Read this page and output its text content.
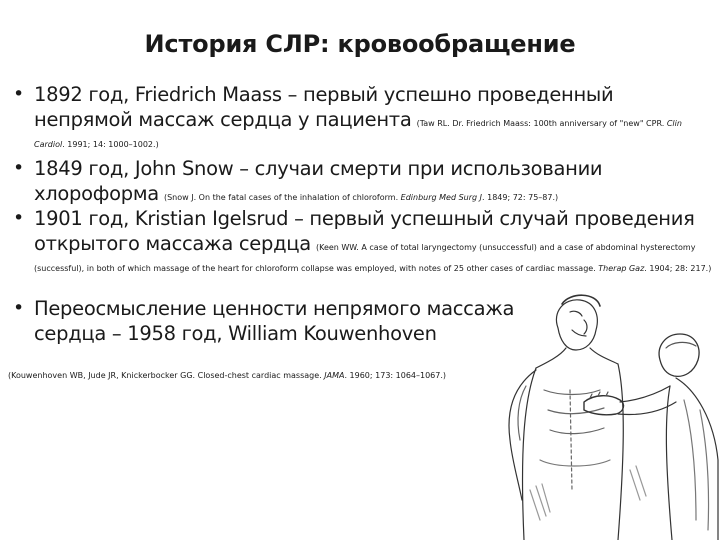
История СЛР: кровообращение
• 1892 год, Friedrich Maass – первый успешно проведенный непрямой массаж сердца у пациента (Taw RL. Dr. Friedrich Maass: 100th anniversary of "new" CPR. Clin Cardiol. 1991; 14: 1000–1002.)
• 1849 год, John Snow – случаи смерти при использовании хлороформа (Snow J. On the fatal cases of the inhalation of chloroform. Edinburg Med Surg J. 1849; 72: 75–87.)
• 1901 год, Kristian Igelsrud – первый успешный случай проведения открытого массажа сердца (Keen WW. A case of total laryngectomy (unsuccessful) and a case of abdominal hysterectomy (successful), in both of which massage of the heart for chloroform collapse was employed, with notes of 25 other cases of cardiac massage. Therap Gaz. 1904; 28: 217.)
• Переосмысление ценности непрямого массажа сердца – 1958 год, William Kouwenhoven
(Kouwenhoven WB, Jude JR, Knickerbocker GG. Closed-chest cardiac massage. JAMA. 1960; 173: 1064–1067.)
